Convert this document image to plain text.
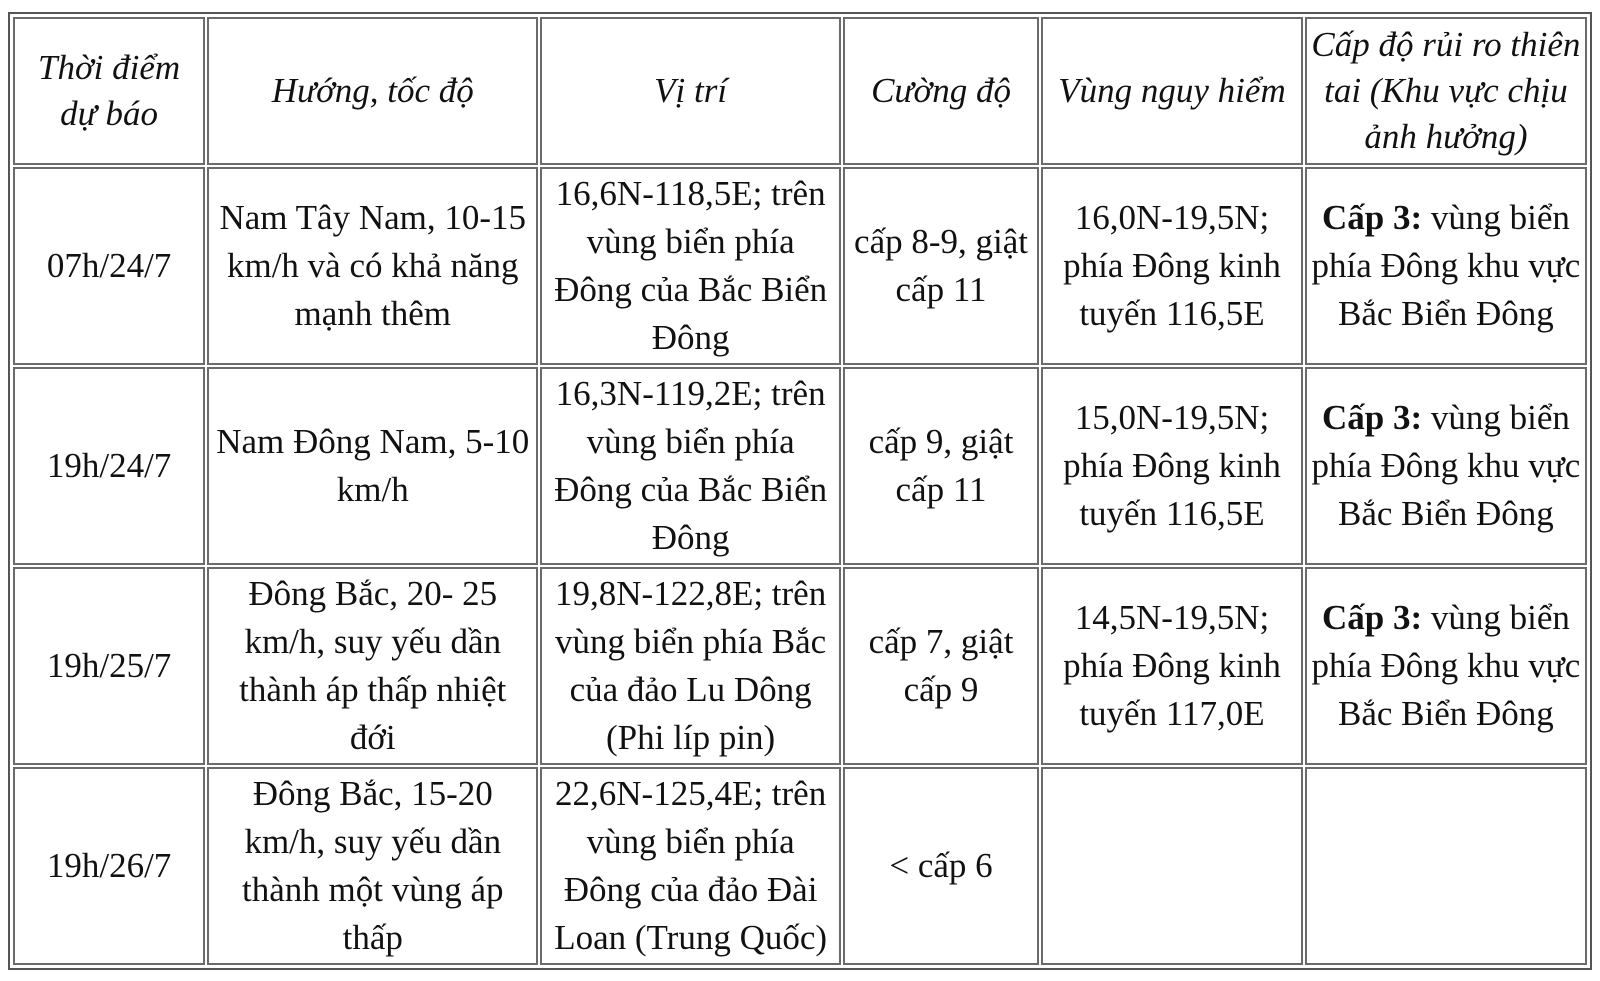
Thời điểm dự báo	Hướng, tốc độ	Vị trí	Cường độ	Vùng nguy hiểm	Cấp độ rủi ro thiên tai (Khu vực chịu ảnh hưởng)
07h/24/7	Nam Tây Nam, 10-15 km/h và có khả năng mạnh thêm	16,6N-118,5E; trên vùng biển phía Đông của Bắc Biển Đông	cấp 8-9, giật cấp 11	16,0N-19,5N; phía Đông kinh tuyến 116,5E	Cấp 3: vùng biển phía Đông khu vực Bắc Biển Đông
19h/24/7	Nam Đông Nam, 5-10 km/h	16,3N-119,2E; trên vùng biển phía Đông của Bắc Biển Đông	cấp 9, giật cấp 11	15,0N-19,5N; phía Đông kinh tuyến 116,5E	Cấp 3: vùng biển phía Đông khu vực Bắc Biển Đông
19h/25/7	Đông Bắc, 20- 25 km/h, suy yếu dần thành áp thấp nhiệt đới	19,8N-122,8E; trên vùng biển phía Bắc của đảo Lu Dông (Phi líp pin)	cấp 7, giật cấp 9	14,5N-19,5N; phía Đông kinh tuyến 117,0E	Cấp 3: vùng biển phía Đông khu vực Bắc Biển Đông
19h/26/7	Đông Bắc, 15-20 km/h, suy yếu dần thành một vùng áp thấp	22,6N-125,4E; trên vùng biển phía Đông của đảo Đài Loan (Trung Quốc)	< cấp 6		
